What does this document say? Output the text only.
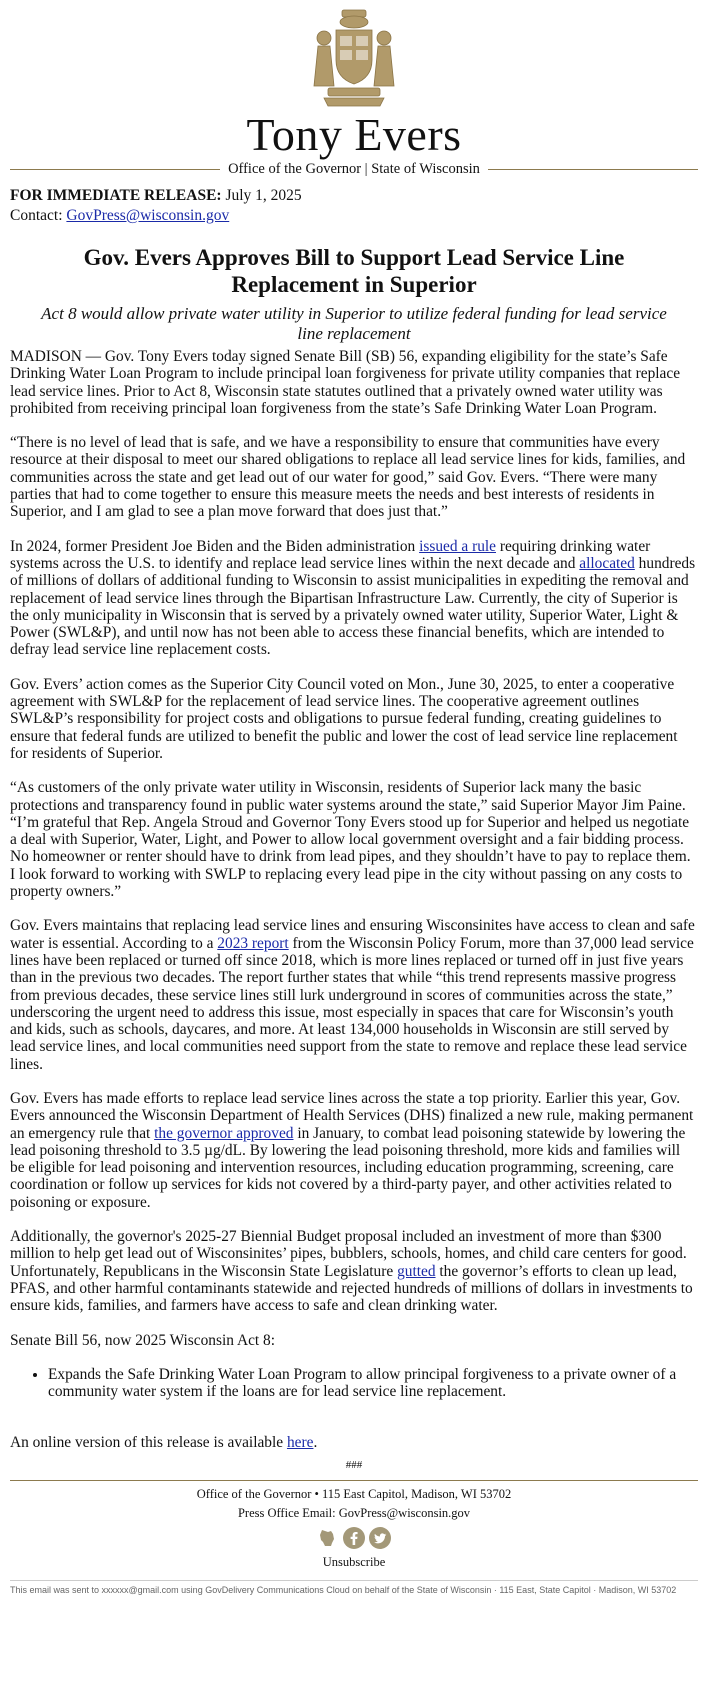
Tony Evers
Office of the Governor | State of Wisconsin
FOR IMMEDIATE RELEASE: July 1, 2025
Contact: GovPress@wisconsin.gov
Gov. Evers Approves Bill to Support Lead Service Line Replacement in Superior
Act 8 would allow private water utility in Superior to utilize federal funding for lead service line replacement

MADISON — Gov. Tony Evers today signed Senate Bill (SB) 56, expanding eligibility for the state’s Safe Drinking Water Loan Program to include principal loan forgiveness for private utility companies that replace lead service lines. Prior to Act 8, Wisconsin state statutes outlined that a privately owned water utility was prohibited from receiving principal loan forgiveness from the state’s Safe Drinking Water Loan Program.

“There is no level of lead that is safe, and we have a responsibility to ensure that communities have every resource at their disposal to meet our shared obligations to replace all lead service lines for kids, families, and communities across the state and get lead out of our water for good,” said Gov. Evers. “There were many parties that had to come together to ensure this measure meets the needs and best interests of residents in Superior, and I am glad to see a plan move forward that does just that.”

In 2024, former President Joe Biden and the Biden administration issued a rule requiring drinking water systems across the U.S. to identify and replace lead service lines within the next decade and allocated hundreds of millions of dollars of additional funding to Wisconsin to assist municipalities in expediting the removal and replacement of lead service lines through the Bipartisan Infrastructure Law. Currently, the city of Superior is the only municipality in Wisconsin that is served by a privately owned water utility, Superior Water, Light & Power (SWL&P), and until now has not been able to access these financial benefits, which are intended to defray lead service line replacement costs.

Gov. Evers’ action comes as the Superior City Council voted on Mon., June 30, 2025, to enter a cooperative agreement with SWL&P for the replacement of lead service lines. The cooperative agreement outlines SWL&P’s responsibility for project costs and obligations to pursue federal funding, creating guidelines to ensure that federal funds are utilized to benefit the public and lower the cost of lead service line replacement for residents of Superior.

“As customers of the only private water utility in Wisconsin, residents of Superior lack many the basic protections and transparency found in public water systems around the state,” said Superior Mayor Jim Paine. “I’m grateful that Rep. Angela Stroud and Governor Tony Evers stood up for Superior and helped us negotiate a deal with Superior, Water, Light, and Power to allow local government oversight and a fair bidding process. No homeowner or renter should have to drink from lead pipes, and they shouldn’t have to pay to replace them. I look forward to working with SWLP to replacing every lead pipe in the city without passing on any costs to property owners.”

Gov. Evers maintains that replacing lead service lines and ensuring Wisconsinites have access to clean and safe water is essential. According to a 2023 report from the Wisconsin Policy Forum, more than 37,000 lead service lines have been replaced or turned off since 2018, which is more lines replaced or turned off in just five years than in the previous two decades. The report further states that while “this trend represents massive progress from previous decades, these service lines still lurk underground in scores of communities across the state,” underscoring the urgent need to address this issue, most especially in spaces that care for Wisconsin’s youth and kids, such as schools, daycares, and more. At least 134,000 households in Wisconsin are still served by lead service lines, and local communities need support from the state to remove and replace these lead service lines.

Gov. Evers has made efforts to replace lead service lines across the state a top priority. Earlier this year, Gov. Evers announced the Wisconsin Department of Health Services (DHS) finalized a new rule, making permanent an emergency rule that the governor approved in January, to combat lead poisoning statewide by lowering the lead poisoning threshold to 3.5 µg/dL. By lowering the lead poisoning threshold, more kids and families will be eligible for lead poisoning and intervention resources, including education programming, screening, care coordination or follow up services for kids not covered by a third-party payer, and other activities related to poisoning or exposure.

Additionally, the governor's 2025-27 Biennial Budget proposal included an investment of more than $300 million to help get lead out of Wisconsinites’ pipes, bubblers, schools, homes, and child care centers for good. Unfortunately, Republicans in the Wisconsin State Legislature gutted the governor’s efforts to clean up lead, PFAS, and other harmful contaminants statewide and rejected hundreds of millions of dollars in investments to ensure kids, families, and farmers have access to safe and clean drinking water.

Senate Bill 56, now 2025 Wisconsin Act 8:

• Expands the Safe Drinking Water Loan Program to allow principal forgiveness to a private owner of a community water system if the loans are for lead service line replacement.

An online version of this release is available here.

###
Office of the Governor • 115 East Capitol, Madison, WI 53702
Press Office Email: GovPress@wisconsin.gov
Unsubscribe
This email was sent to xxxxxx@gmail.com using GovDelivery Communications Cloud on behalf of the State of Wisconsin · 115 East, State Capitol · Madison, WI 53702
